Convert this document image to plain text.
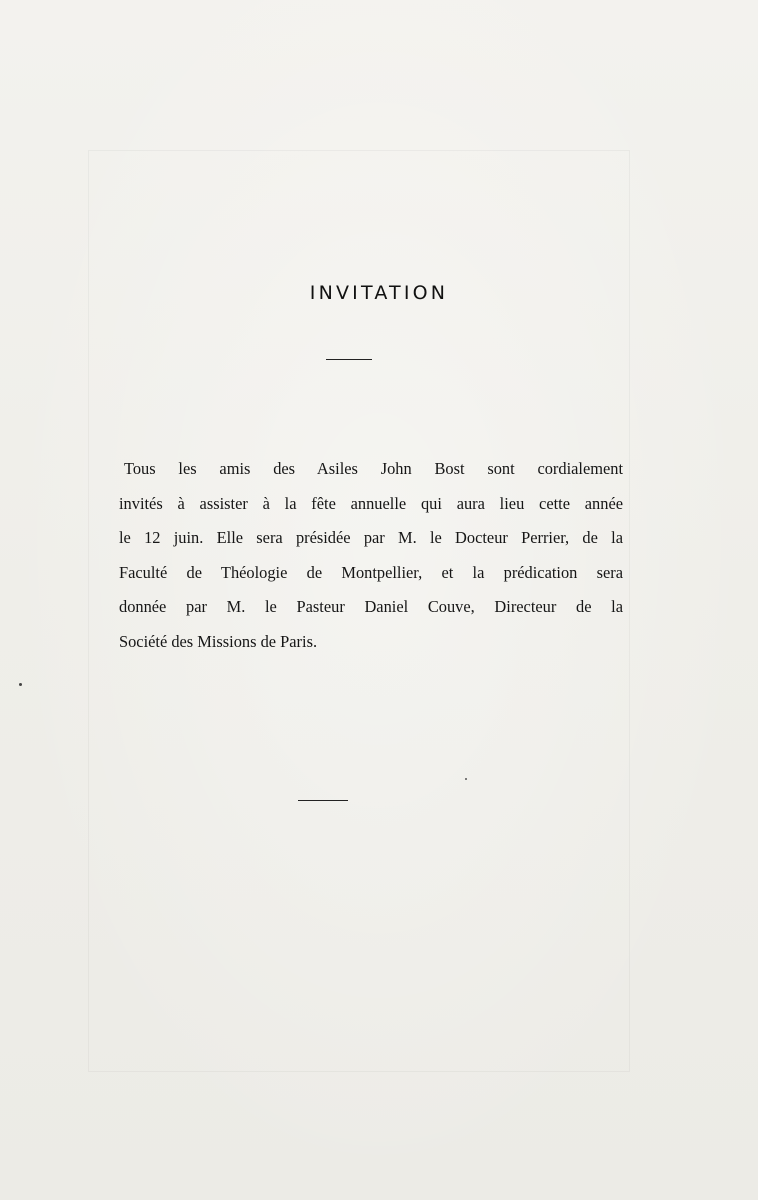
INVITATION
Tous les amis des Asiles John Bost sont cordialement
invités à assister à la fête annuelle qui aura lieu cette année
le 12 juin. Elle sera présidée par M. le Docteur Perrier, de la
Faculté de Théologie de Montpellier, et la prédication sera
donnée par M. le Pasteur Daniel Couve, Directeur de la
Société des Missions de Paris.
